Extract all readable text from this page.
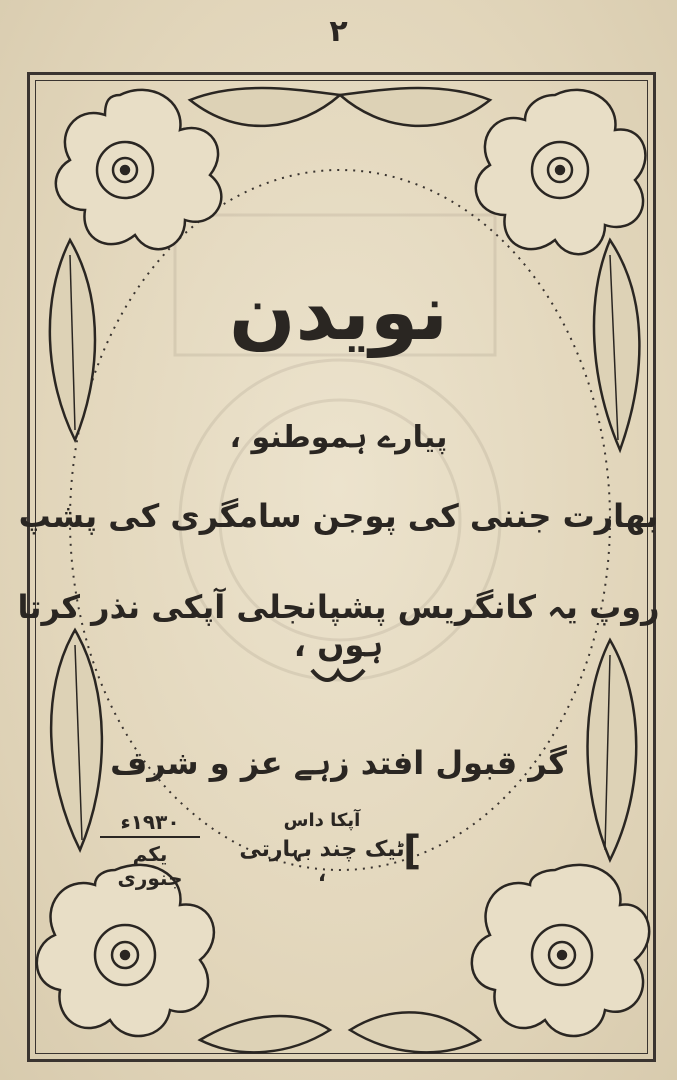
۲
نویدن
پیارے ہموطنو ،
بھارت جننی کی پوجن سامگری کی پشپ
روپ یہ کانگریس پشپانجلی آپکی نذر کرتا ہوں ،
گر قبول افتد زہے عز و شرف
آپکا داس
ٹیک چند بہارتی ،
[
۱۹۳۰ء
یکم جنوری
